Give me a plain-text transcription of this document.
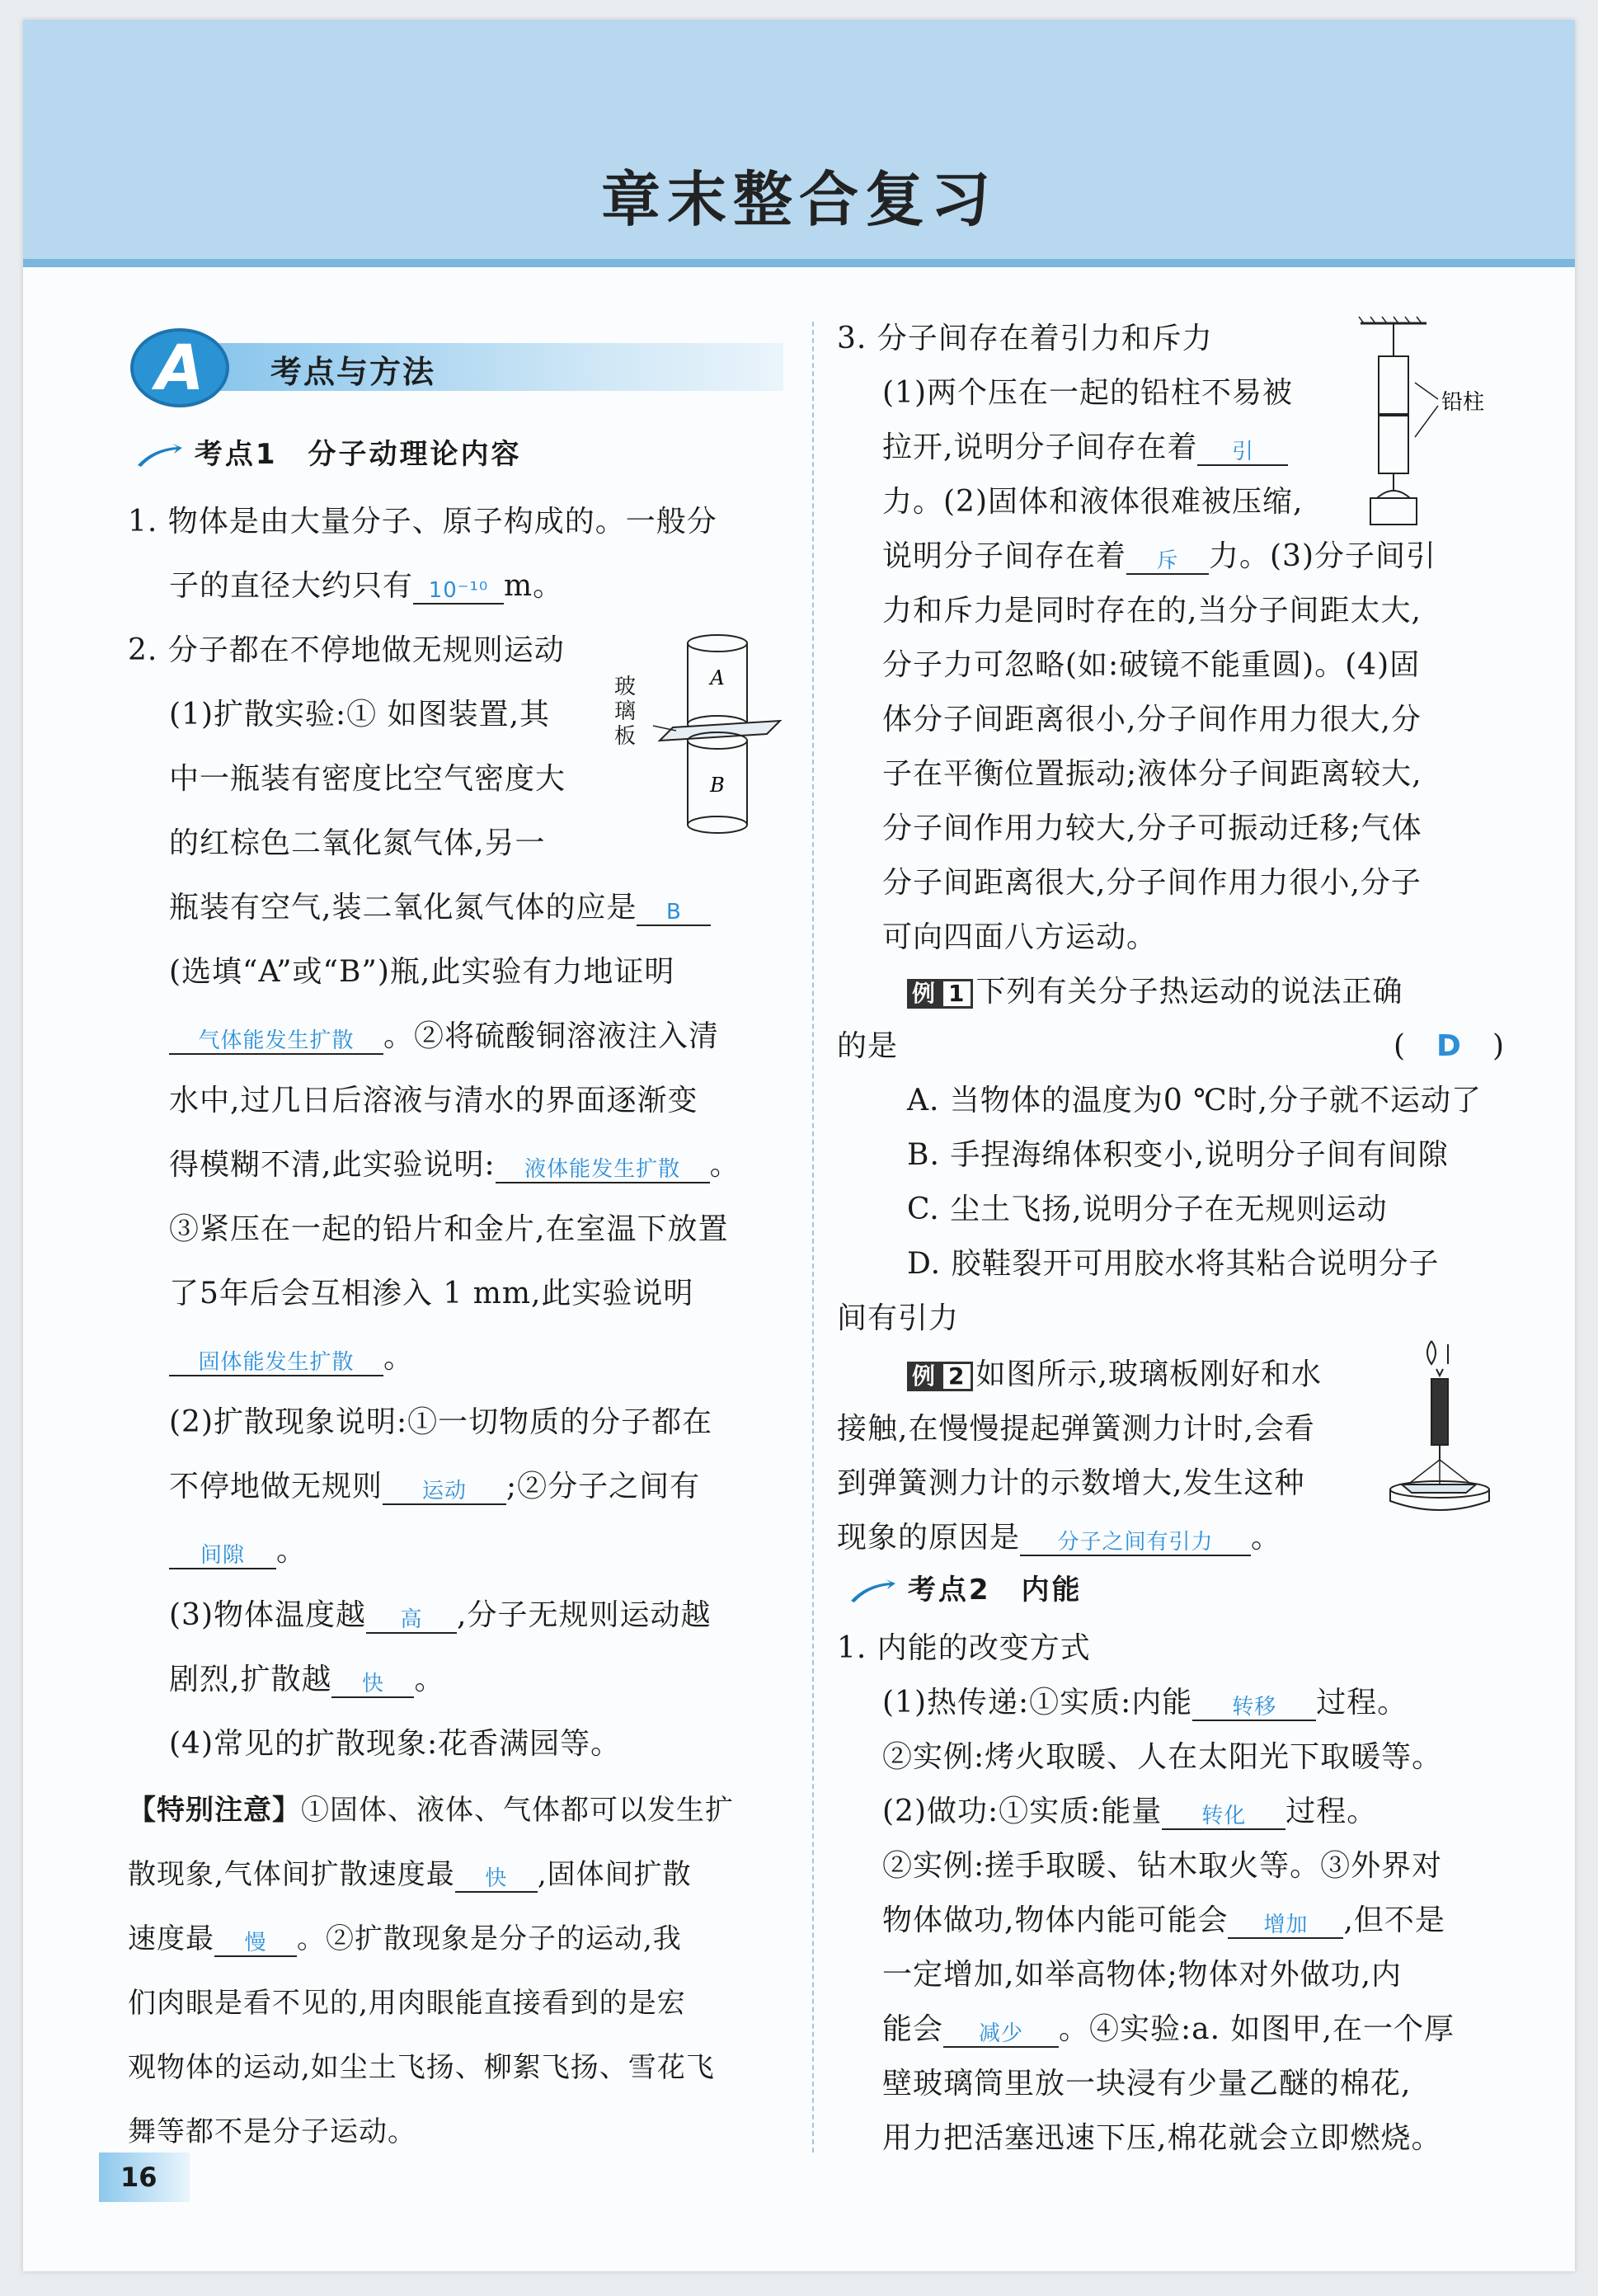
章末整合复习
A	考点与方法
考点1　分子动理论内容
1. 物体是由大量分子、原子构成的。一般分
子的直径大约只有 10⁻¹⁰ m。
2. 分子都在不停地做无规则运动
(1)扩散实验:① 如图装置,其
中一瓶装有密度比空气密度大
的红棕色二氧化氮气体,另一
瓶装有空气,装二氧化氮气体的应是 B
(选填“A”或“B”)瓶,此实验有力地证明
气体能发生扩散 。②将硫酸铜溶液注入清
水中,过几日后溶液与清水的界面逐渐变
得模糊不清,此实验说明: 液体能发生扩散 。
③紧压在一起的铅片和金片,在室温下放置
了5年后会互相渗入 1 mm,此实验说明
固体能发生扩散 。
(2)扩散现象说明:①一切物质的分子都在
不停地做无规则 运动 ;②分子之间有
间隙 。
(3)物体温度越 高 ,分子无规则运动越
剧烈,扩散越 快 。
(4)常见的扩散现象:花香满园等。
【特别注意】①固体、液体、气体都可以发生扩
散现象,气体间扩散速度最 快 ,固体间扩散
速度最 慢 。②扩散现象是分子的运动,我
们肉眼是看不见的,用肉眼能直接看到的是宏
观物体的运动,如尘土飞扬、柳絮飞扬、雪花飞
舞等都不是分子运动。
A
B
玻璃板
3. 分子间存在着引力和斥力
(1)两个压在一起的铅柱不易被
拉开,说明分子间存在着 引
力。(2)固体和液体很难被压缩,
说明分子间存在着 斥 力。(3)分子间引
力和斥力是同时存在的,当分子间距太大,
分子力可忽略(如:破镜不能重圆)。(4)固
体分子间距离很小,分子间作用力很大,分
子在平衡位置振动;液体分子间距离较大,
分子间作用力较大,分子可振动迁移;气体
分子间距离很大,分子间作用力很小,分子
可向四面八方运动。
例 1 下列有关分子热运动的说法正确
的是	( D )
A. 当物体的温度为0 ℃时,分子就不运动了
B. 手捏海绵体积变小,说明分子间有间隙
C. 尘土飞扬,说明分子在无规则运动
D. 胶鞋裂开可用胶水将其粘合说明分子
间有引力
例 2 如图所示,玻璃板刚好和水
接触,在慢慢提起弹簧测力计时,会看
到弹簧测力计的示数增大,发生这种
现象的原因是 分子之间有引力 。
考点2　内能
1. 内能的改变方式
(1)热传递:①实质:内能 转移 过程。
②实例:烤火取暖、人在太阳光下取暖等。
(2)做功:①实质:能量 转化 过程。
②实例:搓手取暖、钻木取火等。③外界对
物体做功,物体内能可能会 增加 ,但不是
一定增加,如举高物体;物体对外做功,内
能会 减少 。④实验:a. 如图甲,在一个厚
壁玻璃筒里放一块浸有少量乙醚的棉花,
用力把活塞迅速下压,棉花就会立即燃烧。
铅柱
16
